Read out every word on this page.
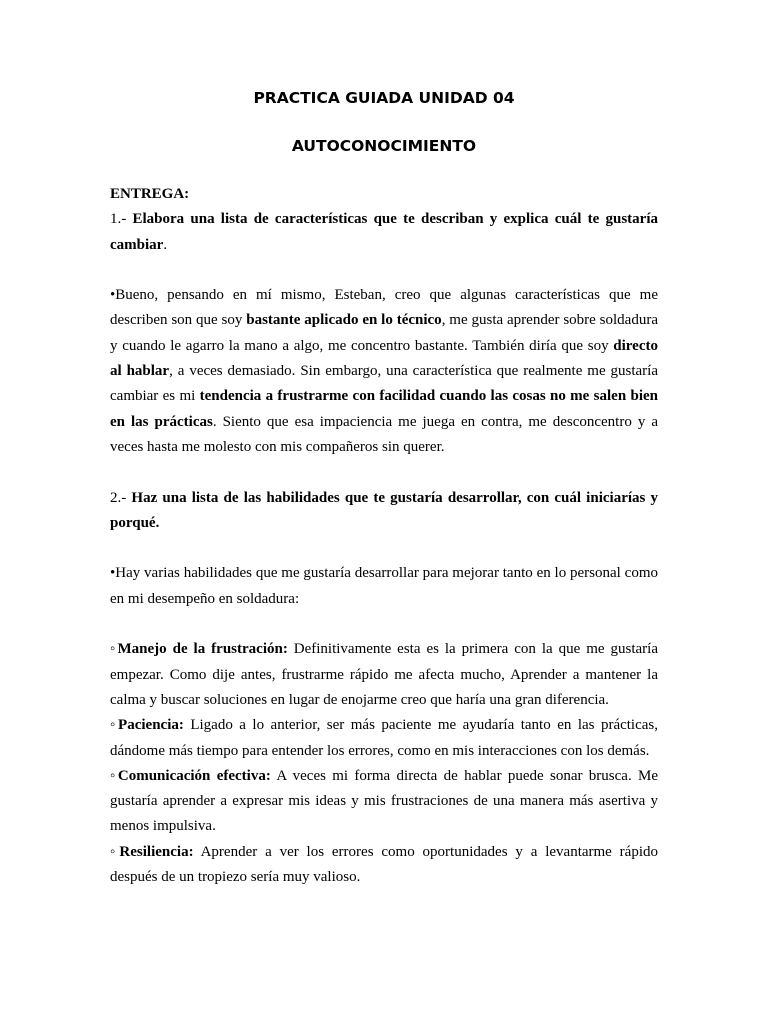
PRACTICA GUIADA UNIDAD 04
AUTOCONOCIMIENTO

ENTREGA:

1.- Elabora una lista de características que te describan y explica cuál te gustaría cambiar.

•Bueno, pensando en mí mismo, Esteban, creo que algunas características que me describen son que soy bastante aplicado en lo técnico, me gusta aprender sobre soldadura y cuando le agarro la mano a algo, me concentro bastante. También diría que soy directo al hablar, a veces demasiado. Sin embargo, una característica que realmente me gustaría cambiar es mi tendencia a frustrarme con facilidad cuando las cosas no me salen bien en las prácticas. Siento que esa impaciencia me juega en contra, me desconcentro y a veces hasta me molesto con mis compañeros sin querer.

2.- Haz una lista de las habilidades que te gustaría desarrollar, con cuál iniciarías y porqué.

•Hay varias habilidades que me gustaría desarrollar para mejorar tanto en lo personal como en mi desempeño en soldadura:

◦Manejo de la frustración: Definitivamente esta es la primera con la que me gustaría empezar. Como dije antes, frustrarme rápido me afecta mucho, Aprender a mantener la calma y buscar soluciones en lugar de enojarme creo que haría una gran diferencia.

◦Paciencia: Ligado a lo anterior, ser más paciente me ayudaría tanto en las prácticas, dándome más tiempo para entender los errores, como en mis interacciones con los demás.

◦Comunicación efectiva: A veces mi forma directa de hablar puede sonar brusca. Me gustaría aprender a expresar mis ideas y mis frustraciones de una manera más asertiva y menos impulsiva.

◦Resiliencia: Aprender a ver los errores como oportunidades y a levantarme rápido después de un tropiezo sería muy valioso.
